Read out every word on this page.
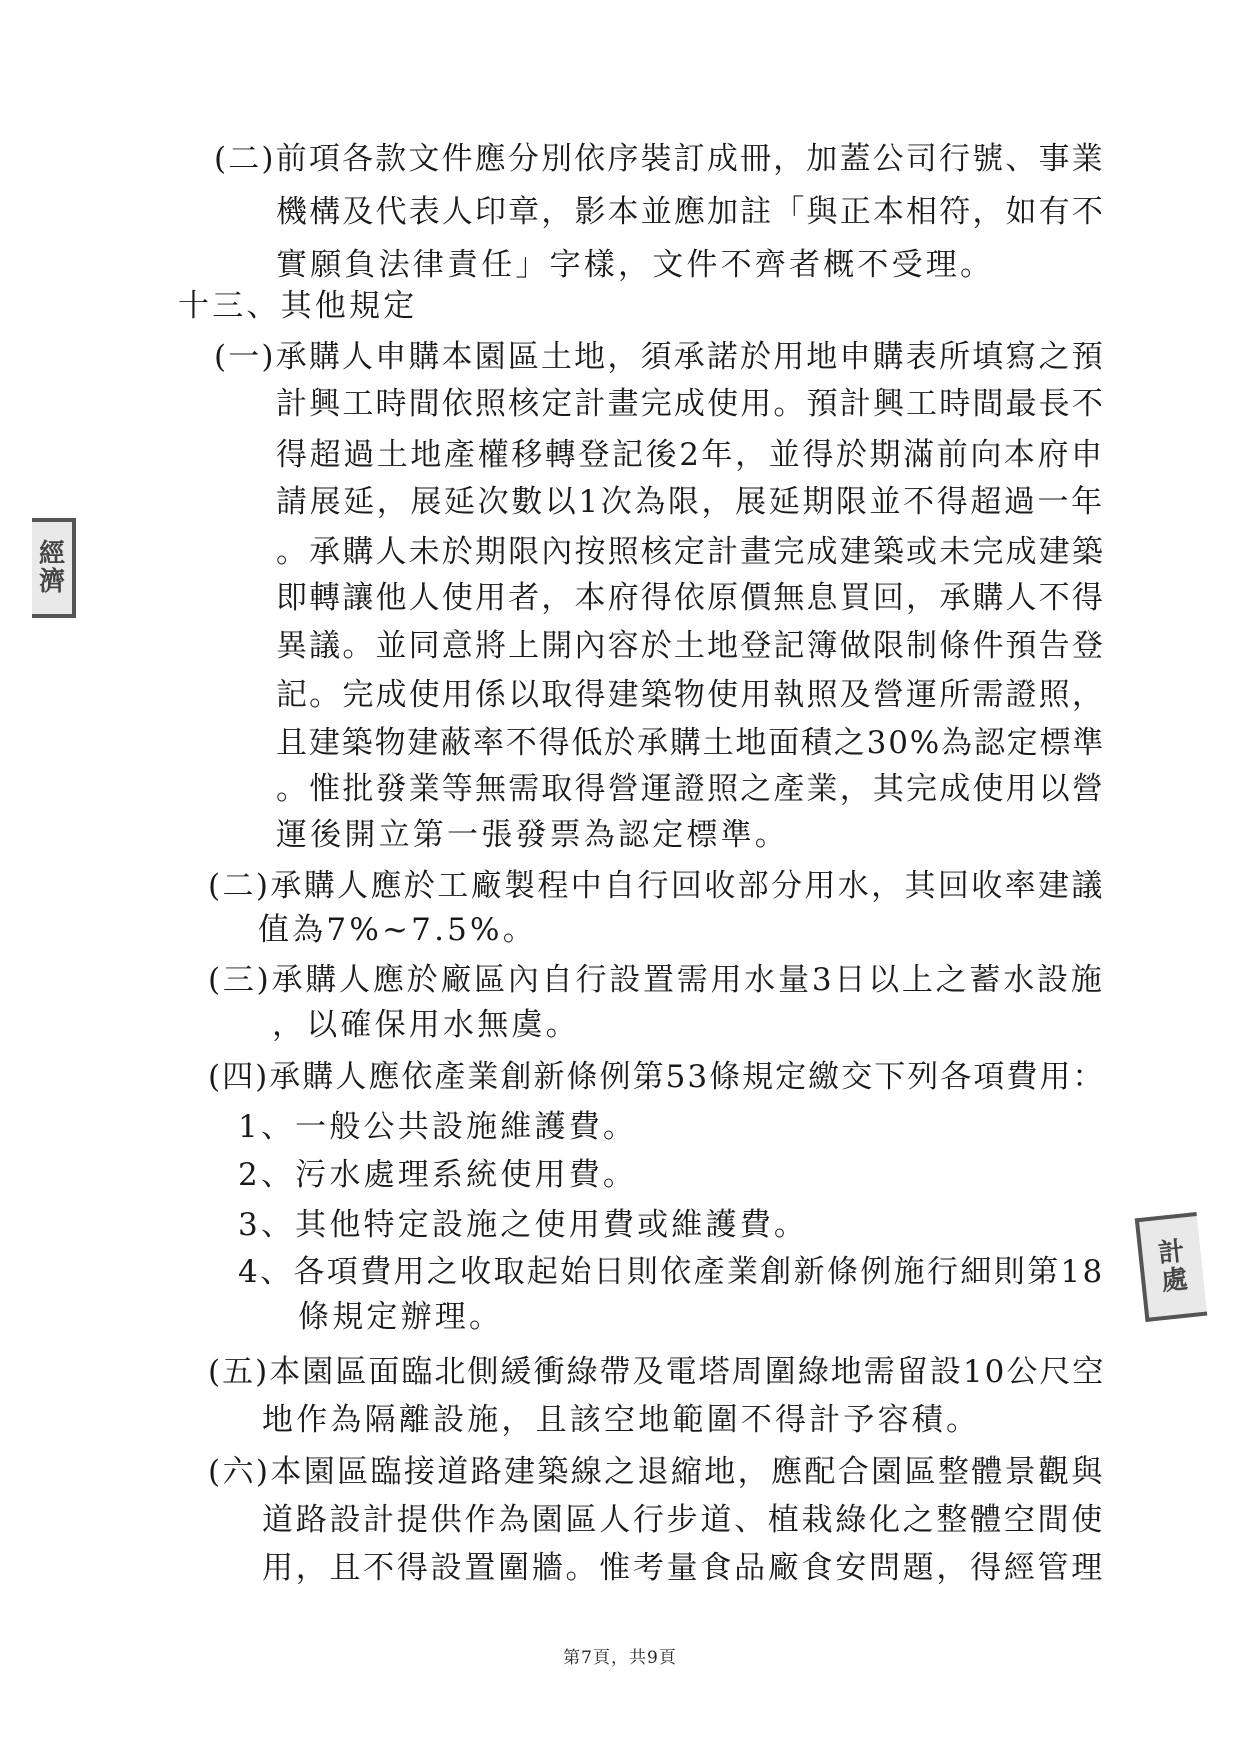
(二)前項各款文件應分別依序裝訂成冊，加蓋公司行號、事業
機構及代表人印章，影本並應加註「與正本相符，如有不
實願負法律責任」字樣，文件不齊者概不受理。
十三、其他規定
(一)承購人申購本園區土地，須承諾於用地申購表所填寫之預
計興工時間依照核定計畫完成使用。預計興工時間最長不
得超過土地產權移轉登記後2年，並得於期滿前向本府申
請展延，展延次數以1次為限，展延期限並不得超過一年
。承購人未於期限內按照核定計畫完成建築或未完成建築
即轉讓他人使用者，本府得依原價無息買回，承購人不得
異議。並同意將上開內容於土地登記簿做限制條件預告登
記。完成使用係以取得建築物使用執照及營運所需證照，
且建築物建蔽率不得低於承購土地面積之30%為認定標準
。惟批發業等無需取得營運證照之產業，其完成使用以營
運後開立第一張發票為認定標準。
(二)承購人應於工廠製程中自行回收部分用水，其回收率建議
值為7%~7.5%。
(三)承購人應於廠區內自行設置需用水量3日以上之蓄水設施
，以確保用水無虞。
(四)承購人應依產業創新條例第53條規定繳交下列各項費用：
1、一般公共設施維護費。
2、污水處理系統使用費。
3、其他特定設施之使用費或維護費。
4、各項費用之收取起始日則依產業創新條例施行細則第18
條規定辦理。
(五)本園區面臨北側緩衝綠帶及電塔周圍綠地需留設10公尺空
地作為隔離設施，且該空地範圍不得計予容積。
(六)本園區臨接道路建築線之退縮地，應配合園區整體景觀與
道路設計提供作為園區人行步道、植栽綠化之整體空間使
用，且不得設置圍牆。惟考量食品廠食安問題，得經管理
經
濟
計
處
第7頁，共9頁
